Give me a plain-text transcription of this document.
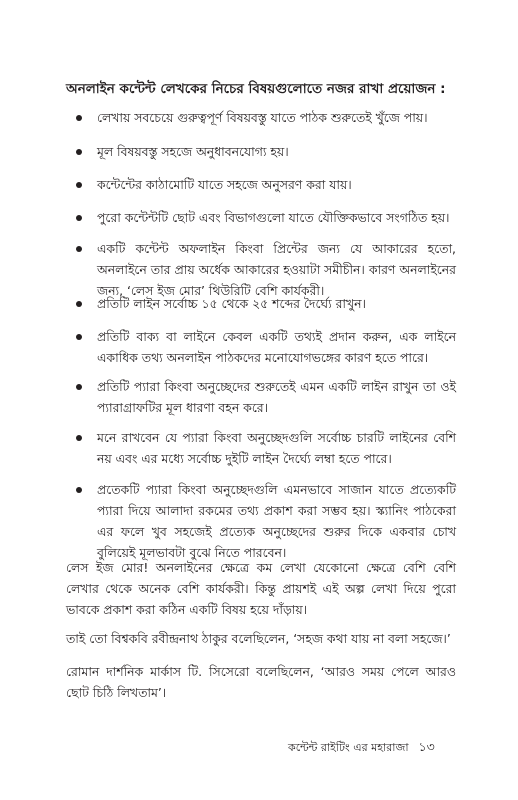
অনলাইন কন্টেন্ট লেখকের নিচের বিষয়গুলোতে নজর রাখা প্রয়োজন :
লেখায় সবচেয়ে গুরুত্বপূর্ণ বিষয়বস্তু যাতে পাঠক শুরুতেই খুঁজে পায়।
মূল বিষয়বস্তু সহজে অনুধাবনযোগ্য হয়।
কন্টেন্টের কাঠামোটি যাতে সহজে অনুসরণ করা যায়।
পুরো কন্টেন্টটি ছোট এবং বিভাগগুলো যাতে যৌক্তিকভাবে সংগঠিত হয়।
একটি কন্টেন্ট অফলাইন কিংবা প্রিন্টের জন্য যে আকারের হতো, অনলাইনে তার প্রায় অর্ধেক আকারের হওয়াটা সমীচীন। কারণ অনলাইনের জন্য, ‘লেস ইজ মোর’ থিউরিটি বেশি কার্যকরী।
প্রতিটি লাইন সর্বোচ্চ ১৫ থেকে ২৫ শব্দের দৈর্ঘ্যে রাখুন।
প্রতিটি বাক্য বা লাইনে কেবল একটি তথ্যই প্রদান করুন, এক লাইনে একাধিক তথ্য অনলাইন পাঠকদের মনোযোগভঙ্গের কারণ হতে পারে।
প্রতিটি প্যারা কিংবা অনুচ্ছেদের শুরুতেই এমন একটি লাইন রাখুন তা ওই প্যারাগ্রাফটির মূল ধারণা বহন করে।
মনে রাখবেন যে প্যারা কিংবা অনুচ্ছেদগুলি সর্বোচ্চ চারটি লাইনের বেশি নয় এবং এর মধ্যে সর্বোচ্চ দুইটি লাইন দৈর্ঘ্যে লম্বা হতে পারে।
প্রতেকটি প্যারা কিংবা অনুচ্ছেদগুলি এমনভাবে সাজান যাতে প্রত্যেকটি প্যারা দিয়ে আলাদা রকমের তথ্য প্রকাশ করা সম্ভব হয়। স্ক্যানিং পাঠকেরা এর ফলে খুব সহজেই প্রত্যেক অনুচ্ছেদের শুরুর দিকে একবার চোখ বুলিয়েই মূলভাবটা বুঝে নিতে পারবেন।

লেস ইজ মোর! অনলাইনের ক্ষেত্রে কম লেখা যেকোনো ক্ষেত্রে বেশি বেশি লেখার থেকে অনেক বেশি কার্যকরী। কিন্তু প্রায়শই এই অল্প লেখা দিয়ে পুরো ভাবকে প্রকাশ করা কঠিন একটি বিষয় হয়ে দাঁড়ায়।

তাই তো বিশ্বকবি রবীন্দ্রনাথ ঠাকুর বলেছিলেন, ‘সহজ কথা যায় না বলা সহজে।’

রোমান দার্শনিক মার্কাস টি. সিসেরো বলেছিলেন, ‘আরও সময় পেলে আরও ছোট চিঠি লিখতাম’।

কন্টেন্ট রাইটিং এর মহারাজা ১৩
